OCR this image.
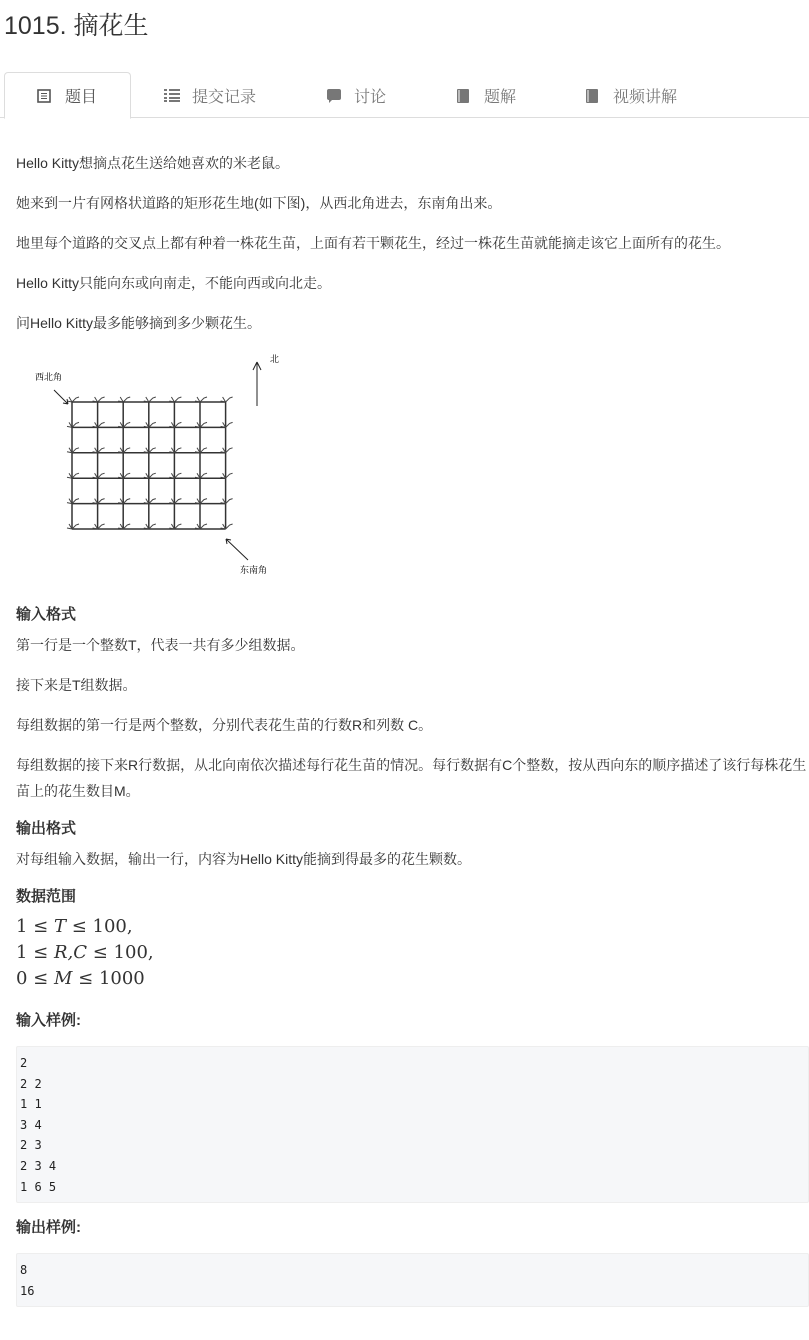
1015. 摘花生
题目	提交记录	讨论	题解	视频讲解

Hello Kitty想摘点花生送给她喜欢的米老鼠。

她来到一片有网格状道路的矩形花生地(如下图)，从西北角进去，东南角出来。

地里每个道路的交叉点上都有种着一株花生苗，上面有若干颗花生，经过一株花生苗就能摘走该它上面所有的花生。

Hello Kitty只能向东或向南走，不能向西或向北走。

问Hello Kitty最多能够摘到多少颗花生。

西北角
北
东南角
输入格式

第一行是一个整数T，代表一共有多少组数据。

接下来是T组数据。

每组数据的第一行是两个整数，分别代表花生苗的行数R和列数 C。

每组数据的接下来R行数据，从北向南依次描述每行花生苗的情况。每行数据有C个整数，按从西向东的顺序描述了该行每株花生苗上的花生数目M。

输出格式

对每组输入数据，输出一行，内容为Hello Kitty能摘到得最多的花生颗数。

数据范围
1 ≤ T ≤ 100,
1 ≤ R,C ≤ 100,
0 ≤ M ≤ 1000
输入样例:
2
2 2
1 1
3 4
2 3
2 3 4
1 6 5
输出样例:
8
16
